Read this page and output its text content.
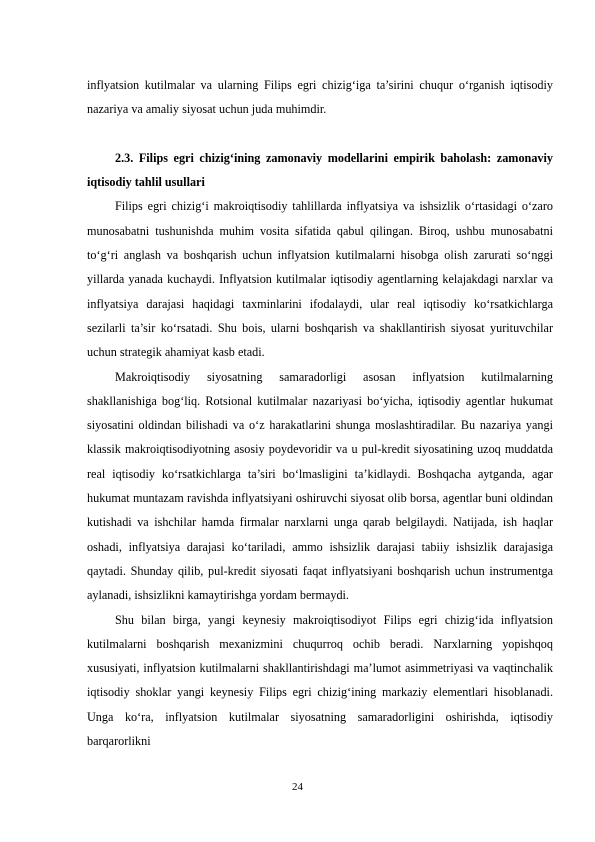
inflyatsion kutilmalar va ularning Filips egri chizig‘iga ta’sirini chuqur o‘rganish iqtisodiy nazariya va amaliy siyosat uchun juda muhimdir.

2.3. Filips egri chizig‘ining zamonaviy modellarini empirik baholash: zamonaviy iqtisodiy tahlil usullari

Filips egri chizig‘i makroiqtisodiy tahlillarda inflyatsiya va ishsizlik o‘rtasidagi o‘zaro munosabatni tushunishda muhim vosita sifatida qabul qilingan. Biroq, ushbu munosabatni to‘g‘ri anglash va boshqarish uchun inflyatsion kutilmalarni hisobga olish zarurati so‘nggi yillarda yanada kuchaydi. Inflyatsion kutilmalar iqtisodiy agentlarning kelajakdagi narxlar va inflyatsiya darajasi haqidagi taxminlarini ifodalaydi, ular real iqtisodiy ko‘rsatkichlarga sezilarli ta’sir ko‘rsatadi. Shu bois, ularni boshqarish va shakllantirish siyosat yurituvchilar uchun strategik ahamiyat kasb etadi.

Makroiqtisodiy siyosatning samaradorligi asosan inflyatsion kutilmalarning shakllanishiga bog‘liq. Rotsional kutilmalar nazariyasi bo‘yicha, iqtisodiy agentlar hukumat siyosatini oldindan bilishadi va o‘z harakatlarini shunga moslashtiradilar. Bu nazariya yangi klassik makroiqtisodiyotning asosiy poydevoridir va u pul-kredit siyosatining uzoq muddatda real iqtisodiy ko‘rsatkichlarga ta’siri bo‘lmasligini ta’kidlaydi. Boshqacha aytganda, agar hukumat muntazam ravishda inflyatsiyani oshiruvchi siyosat olib borsa, agentlar buni oldindan kutishadi va ishchilar hamda firmalar narxlarni unga qarab belgilaydi. Natijada, ish haqlar oshadi, inflyatsiya darajasi ko‘tariladi, ammo ishsizlik darajasi tabiiy ishsizlik darajasiga qaytadi. Shunday qilib, pul-kredit siyosati faqat inflyatsiyani boshqarish uchun instrumentga aylanadi, ishsizlikni kamaytirishga yordam bermaydi.

Shu bilan birga, yangi keynesiy makroiqtisodiyot Filips egri chizig‘ida inflyatsion kutilmalarni boshqarish mexanizmini chuqurroq ochib beradi. Narxlarning yopishqoq xususiyati, inflyatsion kutilmalarni shakllantirishdagi ma’lumot asimmetriyasi va vaqtinchalik iqtisodiy shoklar yangi keynesiy Filips egri chizig‘ining markaziy elementlari hisoblanadi. Unga ko‘ra, inflyatsion kutilmalar siyosatning samaradorligini oshirishda, iqtisodiy barqarorlikni

24
